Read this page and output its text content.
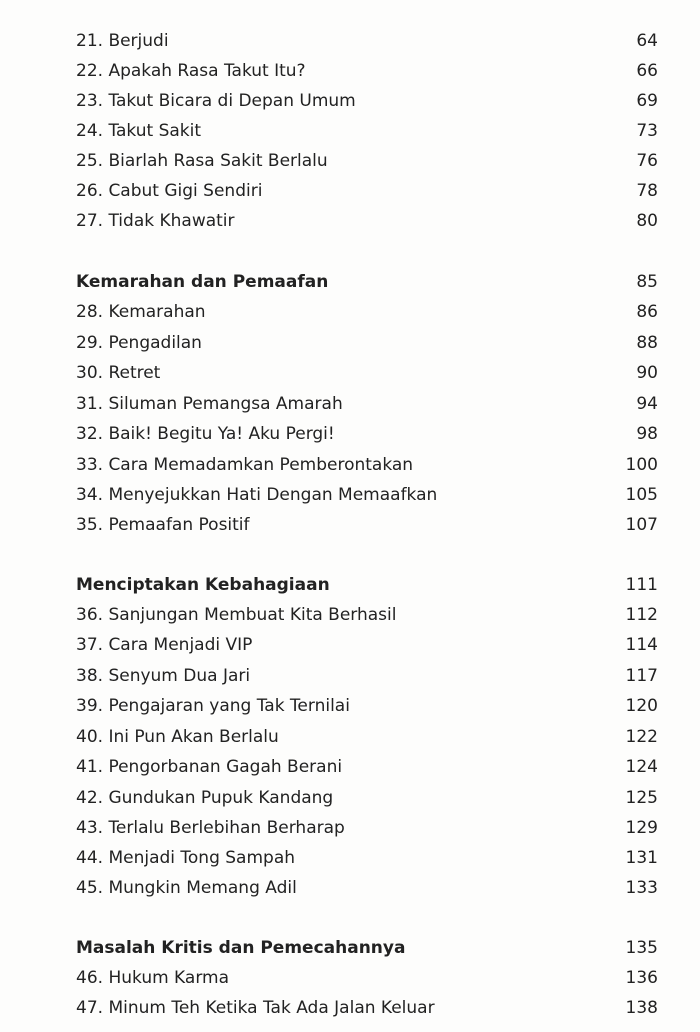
21. Berjudi	64
22. Apakah Rasa Takut Itu?	66
23. Takut Bicara di Depan Umum	69
24. Takut Sakit	73
25. Biarlah Rasa Sakit Berlalu	76
26. Cabut Gigi Sendiri	78
27. Tidak Khawatir	80
Kemarahan dan Pemaafan	85
28. Kemarahan	86
29. Pengadilan	88
30. Retret	90
31. Siluman Pemangsa Amarah	94
32. Baik! Begitu Ya! Aku Pergi!	98
33. Cara Memadamkan Pemberontakan	100
34. Menyejukkan Hati Dengan Memaafkan	105
35. Pemaafan Positif	107
Menciptakan Kebahagiaan	111
36. Sanjungan Membuat Kita Berhasil	112
37. Cara Menjadi VIP	114
38. Senyum Dua Jari	117
39. Pengajaran yang Tak Ternilai	120
40. Ini Pun Akan Berlalu	122
41. Pengorbanan Gagah Berani	124
42. Gundukan Pupuk Kandang	125
43. Terlalu Berlebihan Berharap	129
44. Menjadi Tong Sampah	131
45. Mungkin Memang Adil	133
Masalah Kritis dan Pemecahannya	135
46. Hukum Karma	136
47. Minum Teh Ketika Tak Ada Jalan Keluar	138
